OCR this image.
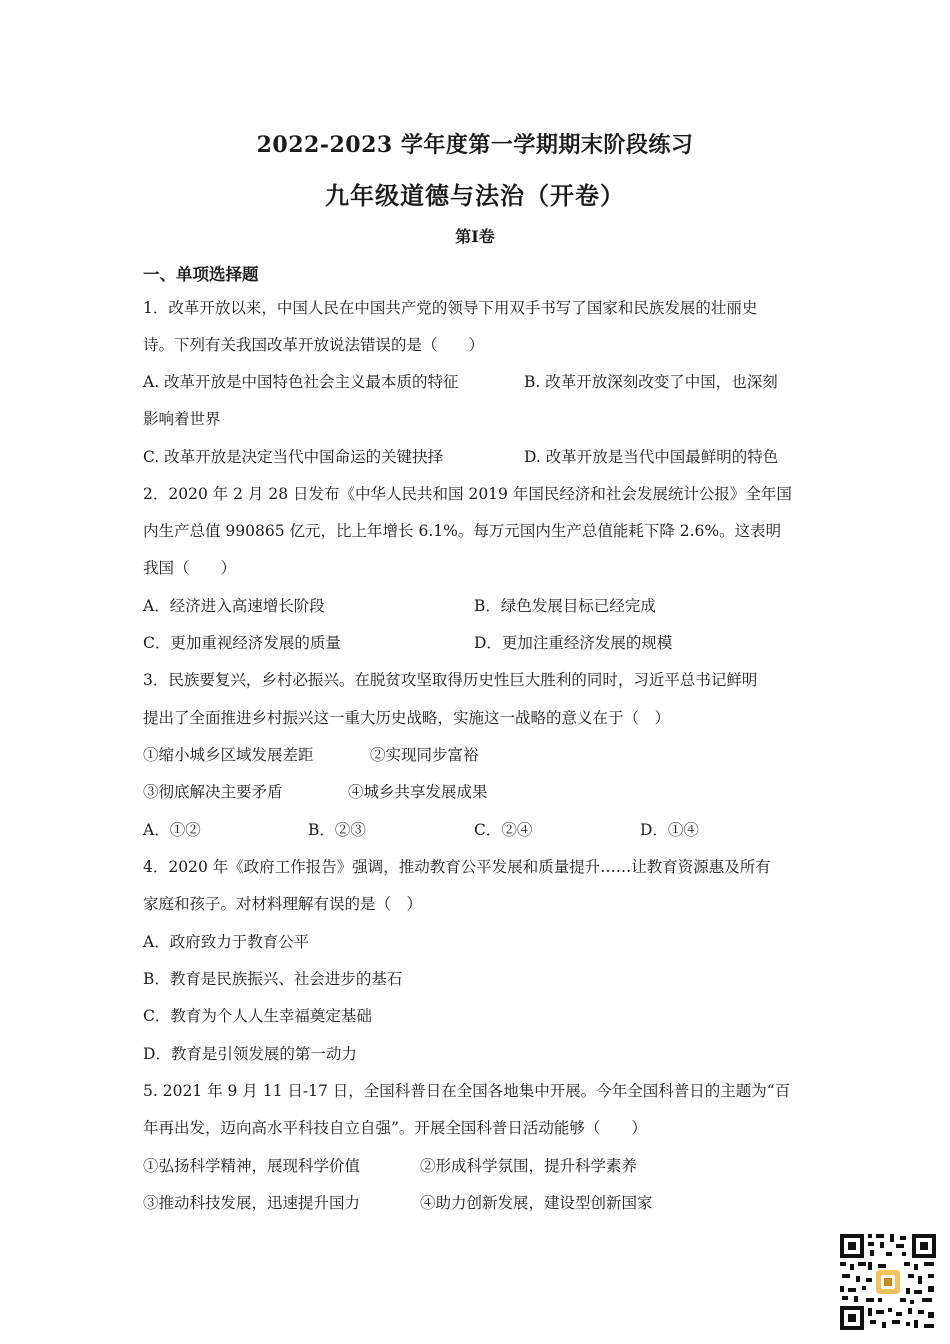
2022-2023 学年度第一学期期末阶段练习
九年级道德与法治（开卷）
第I卷
一、单项选择题
1．改革开放以来，中国人民在中国共产党的领导下用双手书写了国家和民族发展的壮丽史
诗。下列有关我国改革开放说法错误的是（　　）
A. 改革开放是中国特色社会主义最本质的特征	B. 改革开放深刻改变了中国，也深刻
影响着世界
C. 改革开放是决定当代中国命运的关键抉择	D. 改革开放是当代中国最鲜明的特色
2．2020 年 2 月 28 日发布《中华人民共和国 2019 年国民经济和社会发展统计公报》全年国
内生产总值 990865 亿元，比上年增长 6.1%。每万元国内生产总值能耗下降 2.6%。这表明
我国（　　）
A．经济进入高速增长阶段	B．绿色发展目标已经完成
C．更加重视经济发展的质量	D．更加注重经济发展的规模
3．民族要复兴，乡村必振兴。在脱贫攻坚取得历史性巨大胜利的同时，习近平总书记鲜明
提出了全面推进乡村振兴这一重大历史战略，实施这一战略的意义在于（　）
①缩小城乡区域发展差距	②实现同步富裕
③彻底解决主要矛盾	④城乡共享发展成果
A．①②	B．②③	C．②④	D．①④
4．2020 年《政府工作报告》强调，推动教育公平发展和质量提升……让教育资源惠及所有
家庭和孩子。对材料理解有误的是（　）
A．政府致力于教育公平
B．教育是民族振兴、社会进步的基石
C．教育为个人人生幸福奠定基础
D．教育是引领发展的第一动力
5. 2021 年 9 月 11 日-17 日，全国科普日在全国各地集中开展。今年全国科普日的主题为“百
年再出发，迈向高水平科技自立自强”。开展全国科普日活动能够（　　）
①弘扬科学精神，展现科学价值	②形成科学氛围，提升科学素养
③推动科技发展，迅速提升国力	④助力创新发展，建设型创新国家
